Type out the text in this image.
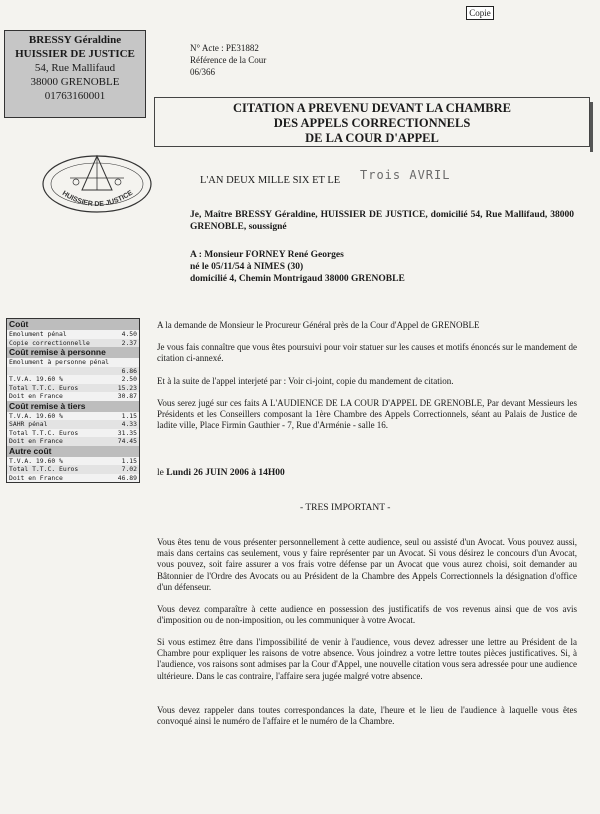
Copie
BRESSY Géraldine
HUISSIER DE JUSTICE
54, Rue Mallifaud
38000 GRENOBLE
01763160001
N° Acte : PE31882
Référence de la Cour
06/366
CITATION A PREVENU DEVANT LA CHAMBRE
DES APPELS CORRECTIONNELS
DE LA COUR D'APPEL
HUISSIER DE JUSTICE
L'AN DEUX MILLE SIX ET LE Trois AVRIL
Je, Maître BRESSY Géraldine, HUISSIER DE JUSTICE, domicilié 54, Rue Mallifaud, 38000 GRENOBLE, soussigné
A : Monsieur FORNEY René Georges
né le 05/11/54 à NIMES (30)
domicilié 4, Chemin Montrigaud 38000 GRENOBLE
Coût
Emolument pénal	4.50
Copie correctionnelle	2.37
Coût remise à personne
Emolument à personne pénal
6.86
T.V.A. 19.60 %	2.50
Total T.T.C. Euros	15.23
Doit en France	30.87
Coût remise à tiers
T.V.A. 19.60 %	1.15
SAHR pénal	4.33
Total T.T.C. Euros	31.35
Doit en France	74.45
Autre coût
T.V.A. 19.60 %	1.15
Total T.T.C. Euros	7.02
Doit en France	46.89
A la demande de Monsieur le Procureur Général près de la Cour d'Appel de GRENOBLE
Je vous fais connaître que vous êtes poursuivi pour voir statuer sur les causes et motifs énoncés sur le mandement de citation ci-annexé.
Et à la suite de l'appel interjeté par : Voir ci-joint, copie du mandement de citation.
Vous serez jugé sur ces faits A L'AUDIENCE DE LA COUR D'APPEL DE GRENOBLE, Par devant Messieurs les Présidents et les Conseillers composant la 1ère Chambre des Appels Correctionnels, séant au Palais de Justice de ladite ville, Place Firmin Gauthier - 7, Rue d'Arménie - salle 16.
le Lundi 26 JUIN 2006 à 14H00
- TRES IMPORTANT -
Vous êtes tenu de vous présenter personnellement à cette audience, seul ou assisté d'un Avocat. Vous pouvez aussi, mais dans certains cas seulement, vous y faire représenter par un Avocat. Si vous désirez le concours d'un Avocat, vous pouvez, soit faire assurer a vos frais votre défense par un Avocat que vous aurez choisi, soit demander au Bâtonnier de l'Ordre des Avocats ou au Président de la Chambre des Appels Correctionnels la désignation d'office d'un défenseur.
Vous devez comparaître à cette audience en possession des justificatifs de vos revenus ainsi que de vos avis d'imposition ou de non-imposition, ou les communiquer à votre Avocat.
Si vous estimez être dans l'impossibilité de venir à l'audience, vous devez adresser une lettre au Président de la Chambre pour expliquer les raisons de votre absence. Vous joindrez a votre lettre toutes pièces justificatives. Si, à l'audience, vos raisons sont admises par la Cour d'Appel, une nouvelle citation vous sera adressée pour une audience ultérieure. Dans le cas contraire, l'affaire sera jugée malgré votre absence.
Vous devez rappeler dans toutes correspondances la date, l'heure et le lieu de l'audience à laquelle vous êtes convoqué ainsi le numéro de l'affaire et le numéro de la Chambre.
